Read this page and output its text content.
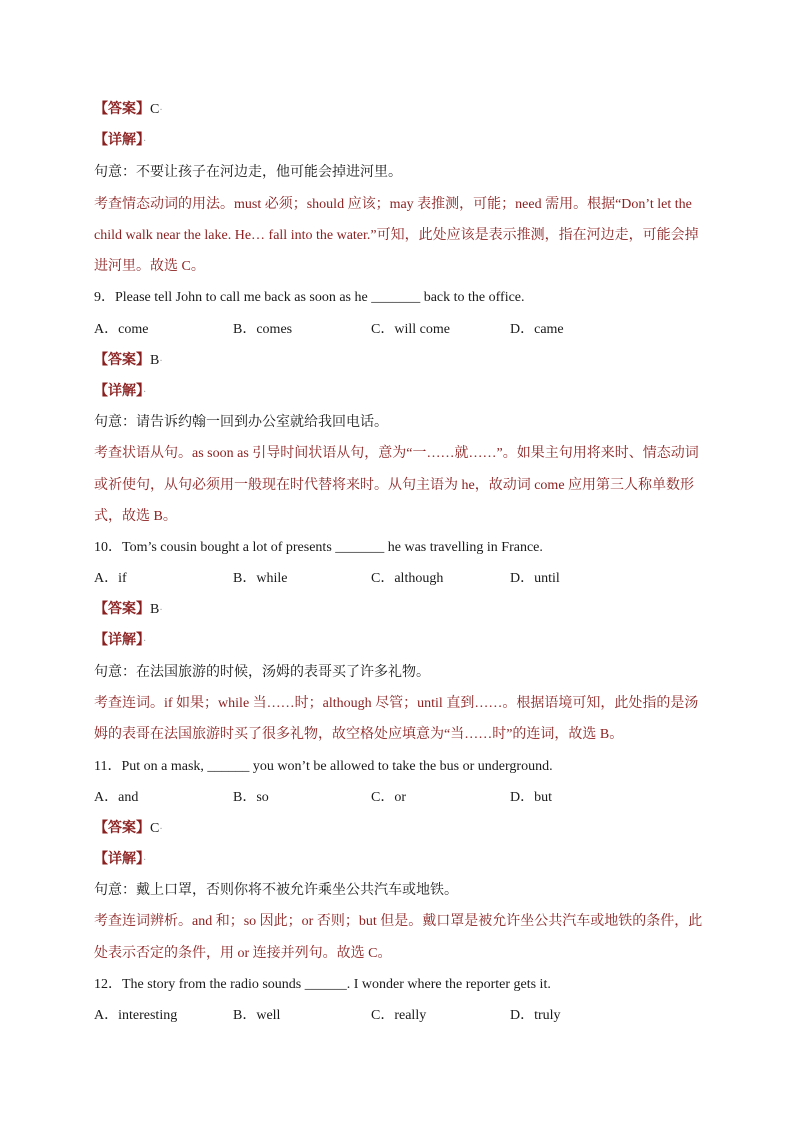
【答案】C·
【详解】·
句意：不要让孩子在河边走，他可能会掉进河里。
考查情态动词的用法。must 必须；should 应该；may 表推测，可能；need 需用。根据“Don’t let the
child walk near the lake. He… fall into the water.”可知，此处应该是表示推测，指在河边走，可能会掉
进河里。故选 C。
9．Please tell John to call me back as soon as he _______ back to the office.
A．come	B．comes	C．will come	D．came
【答案】B·
【详解】·
句意：请告诉约翰一回到办公室就给我回电话。
考查状语从句。as soon as 引导时间状语从句，意为“一……就……”。如果主句用将来时、情态动词
或祈使句，从句必须用一般现在时代替将来时。从句主语为 he，故动词 come 应用第三人称单数形
式，故选 B。
10．Tom’s cousin bought a lot of presents _______ he was travelling in France.
A．if	B．while	C．although	D．until
【答案】B·
【详解】·
句意：在法国旅游的时候，汤姆的表哥买了许多礼物。
考查连词。if 如果；while 当……时；although 尽管；until 直到……。根据语境可知，此处指的是汤
姆的表哥在法国旅游时买了很多礼物，故空格处应填意为“当……时”的连词，故选 B。
11．Put on a mask, ______ you won’t be allowed to take the bus or underground.
A．and	B．so	C．or	D．but
【答案】C·
【详解】·
句意：戴上口罩，否则你将不被允许乘坐公共汽车或地铁。
考查连词辨析。and 和；so 因此；or 否则；but 但是。戴口罩是被允许坐公共汽车或地铁的条件，此
处表示否定的条件，用 or 连接并列句。故选 C。
12．The story from the radio sounds ______. I wonder where the reporter gets it.
A．interesting	B．well	C．really	D．truly
